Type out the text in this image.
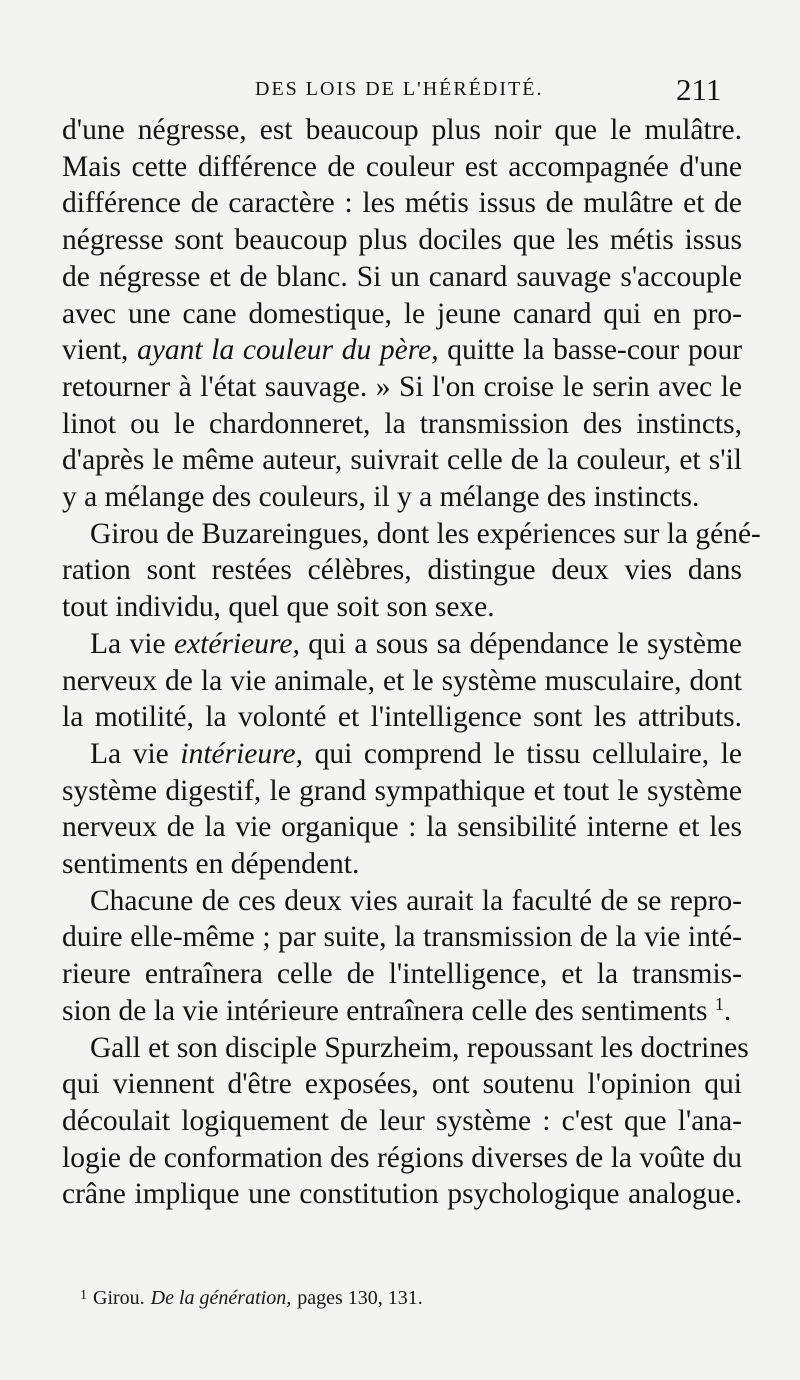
DES LOIS DE L'HÉRÉDITÉ.	211

d'une négresse, est beaucoup plus noir que le mulâtre.
Mais cette différence de couleur est accompagnée d'une
différence de caractère : les métis issus de mulâtre et de
négresse sont beaucoup plus dociles que les métis issus
de négresse et de blanc. Si un canard sauvage s'accouple
avec une cane domestique, le jeune canard qui en pro-
vient, ayant la couleur du père, quitte la basse-cour pour
retourner à l'état sauvage. » Si l'on croise le serin avec le
linot ou le chardonneret, la transmission des instincts,
d'après le même auteur, suivrait celle de la couleur, et s'il
y a mélange des couleurs, il y a mélange des instincts.

Girou de Buzareingues, dont les expériences sur la géné-
ration sont restées célèbres, distingue deux vies dans
tout individu, quel que soit son sexe.

La vie extérieure, qui a sous sa dépendance le système
nerveux de la vie animale, et le système musculaire, dont
la motilité, la volonté et l'intelligence sont les attributs.

La vie intérieure, qui comprend le tissu cellulaire, le
système digestif, le grand sympathique et tout le système
nerveux de la vie organique : la sensibilité interne et les
sentiments en dépendent.

Chacune de ces deux vies aurait la faculté de se repro-
duire elle-même ; par suite, la transmission de la vie inté-
rieure entraînera celle de l'intelligence, et la transmis-
sion de la vie intérieure entraînera celle des sentiments $^1$.

Gall et son disciple Spurzheim, repoussant les doctrines
qui viennent d'être exposées, ont soutenu l'opinion qui
découlait logiquement de leur système : c'est que l'ana-
logie de conformation des régions diverses de la voûte du
crâne implique une constitution psychologique analogue.

$^1$ Girou. De la génération, pages 130, 131.
